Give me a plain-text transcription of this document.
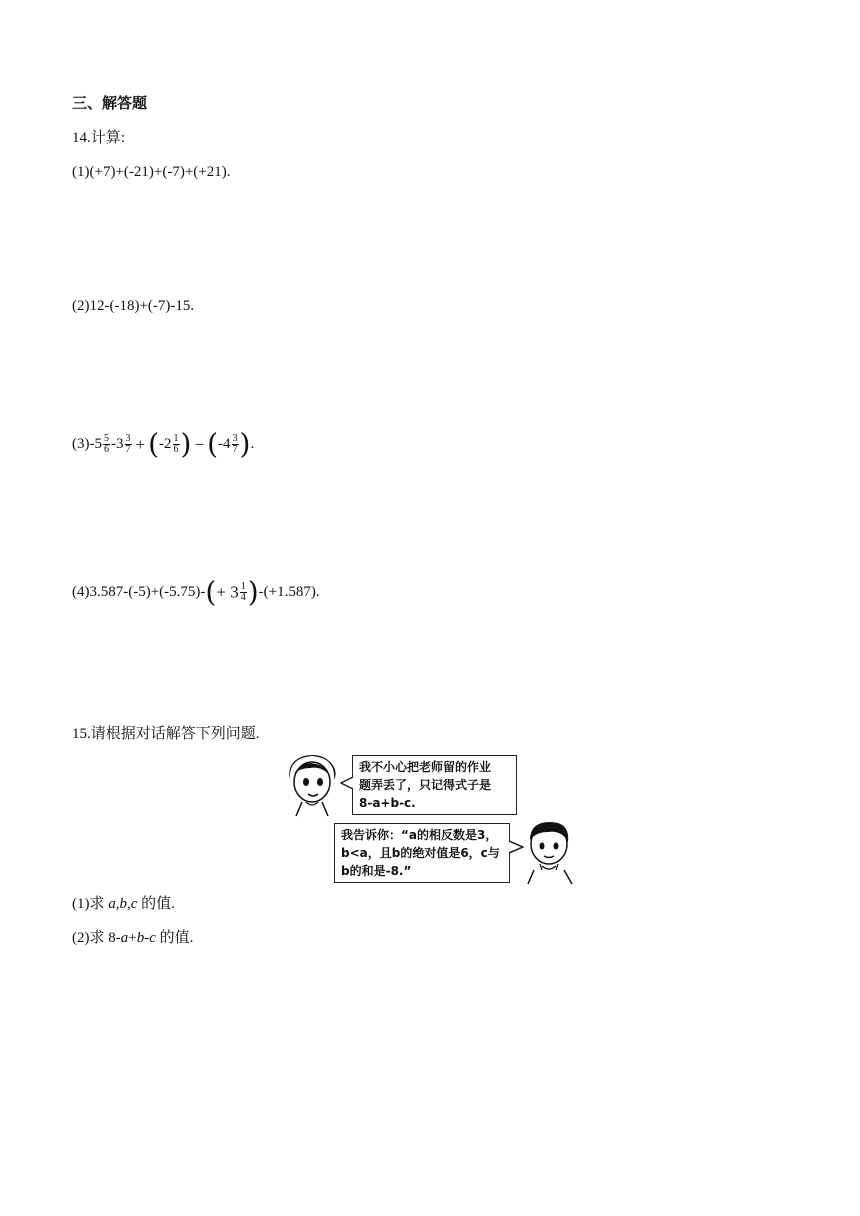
三、解答题
14.计算:
(1)(+7)+(-21)+(-7)+(+21).
(2)12-(-18)+(-7)-15.
$(3)-5 \frac{5}{6} -3 \frac{3}{7} + (-2 \frac{1}{6}$ ) − ($-4 \frac{3}{7}$ ).
$(4)3.587-(-5)+(-5.75)-(+ 3 \frac{1}{4} )-(+1.587)$.
15.请根据对话解答下列问题.
我不小心把老师留的作业
题弄丢了，只记得式子是
8-a+b-c.
我告诉你：“a的相反数是3，
b<a，且b的绝对值是6，c与
b的和是-8.”
(1)求 a,b,c 的值.
(2)求 8-a+b-c 的值.
